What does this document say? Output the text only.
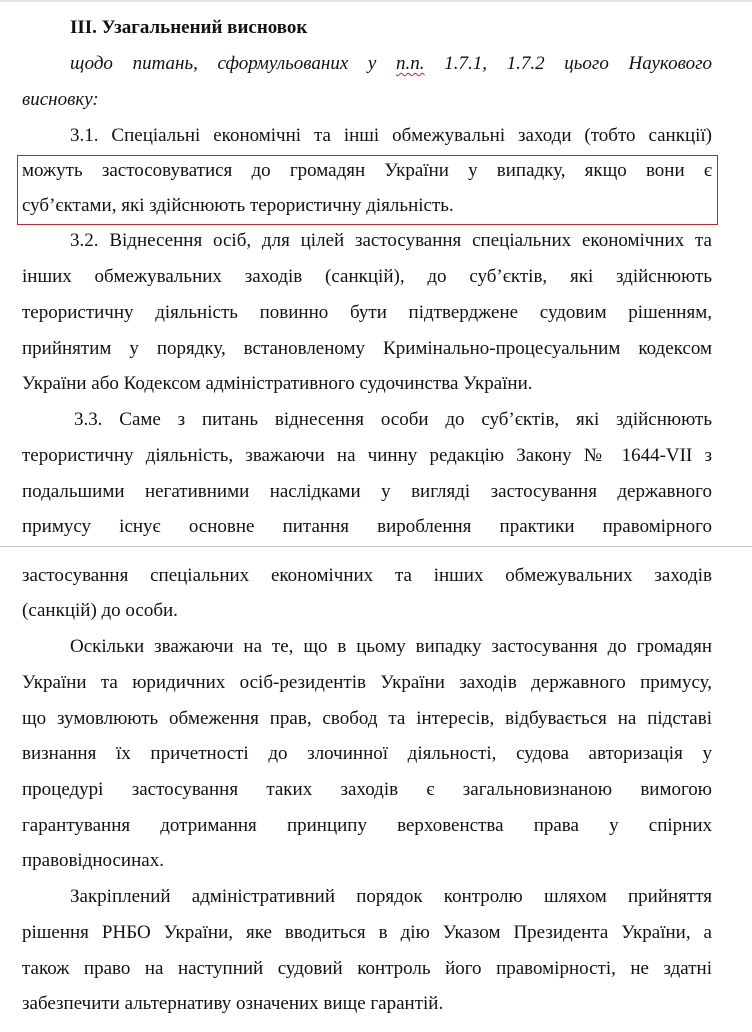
III. Узагальнений висновок
щодо питань, сформульованих у п.п. 1.7.1, 1.7.2 цього Наукового
висновку:
3.1. Спеціальні економічні та інші обмежувальні заходи (тобто санкції)
можуть застосовуватися до громадян України у випадку, якщо вони є
суб’єктами, які здійснюють терористичну діяльність.
3.2. Віднесення осіб, для цілей застосування спеціальних економічних та
інших обмежувальних заходів (санкцій), до суб’єктів, які здійснюють
терористичну діяльність повинно бути підтверджене судовим рішенням,
прийнятим у порядку, встановленому Кримінально-процесуальним кодексом
України або Кодексом адміністративного судочинства України.
3.3. Саме з питань віднесення особи до суб’єктів, які здійснюють
терористичну діяльність, зважаючи на чинну редакцію Закону № 1644-VII з
подальшими негативними наслідками у вигляді застосування державного
примусу існує основне питання вироблення практики правомірного
застосування спеціальних економічних та інших обмежувальних заходів
(санкцій) до особи.
Оскільки зважаючи на те, що в цьому випадку застосування до громадян
України та юридичних осіб-резидентів України заходів державного примусу,
що зумовлюють обмеження прав, свобод та інтересів, відбувається на підставі
визнання їх причетності до злочинної діяльності, судова авторизація у
процедурі застосування таких заходів є загальновизнаною вимогою
гарантування дотримання принципу верховенства права у спірних
правовідносинах.
Закріплений адміністративний порядок контролю шляхом прийняття
рішення РНБО України, яке вводиться в дію Указом Президента України, а
також право на наступний судовий контроль його правомірності, не здатні
забезпечити альтернативу означених вище гарантій.
